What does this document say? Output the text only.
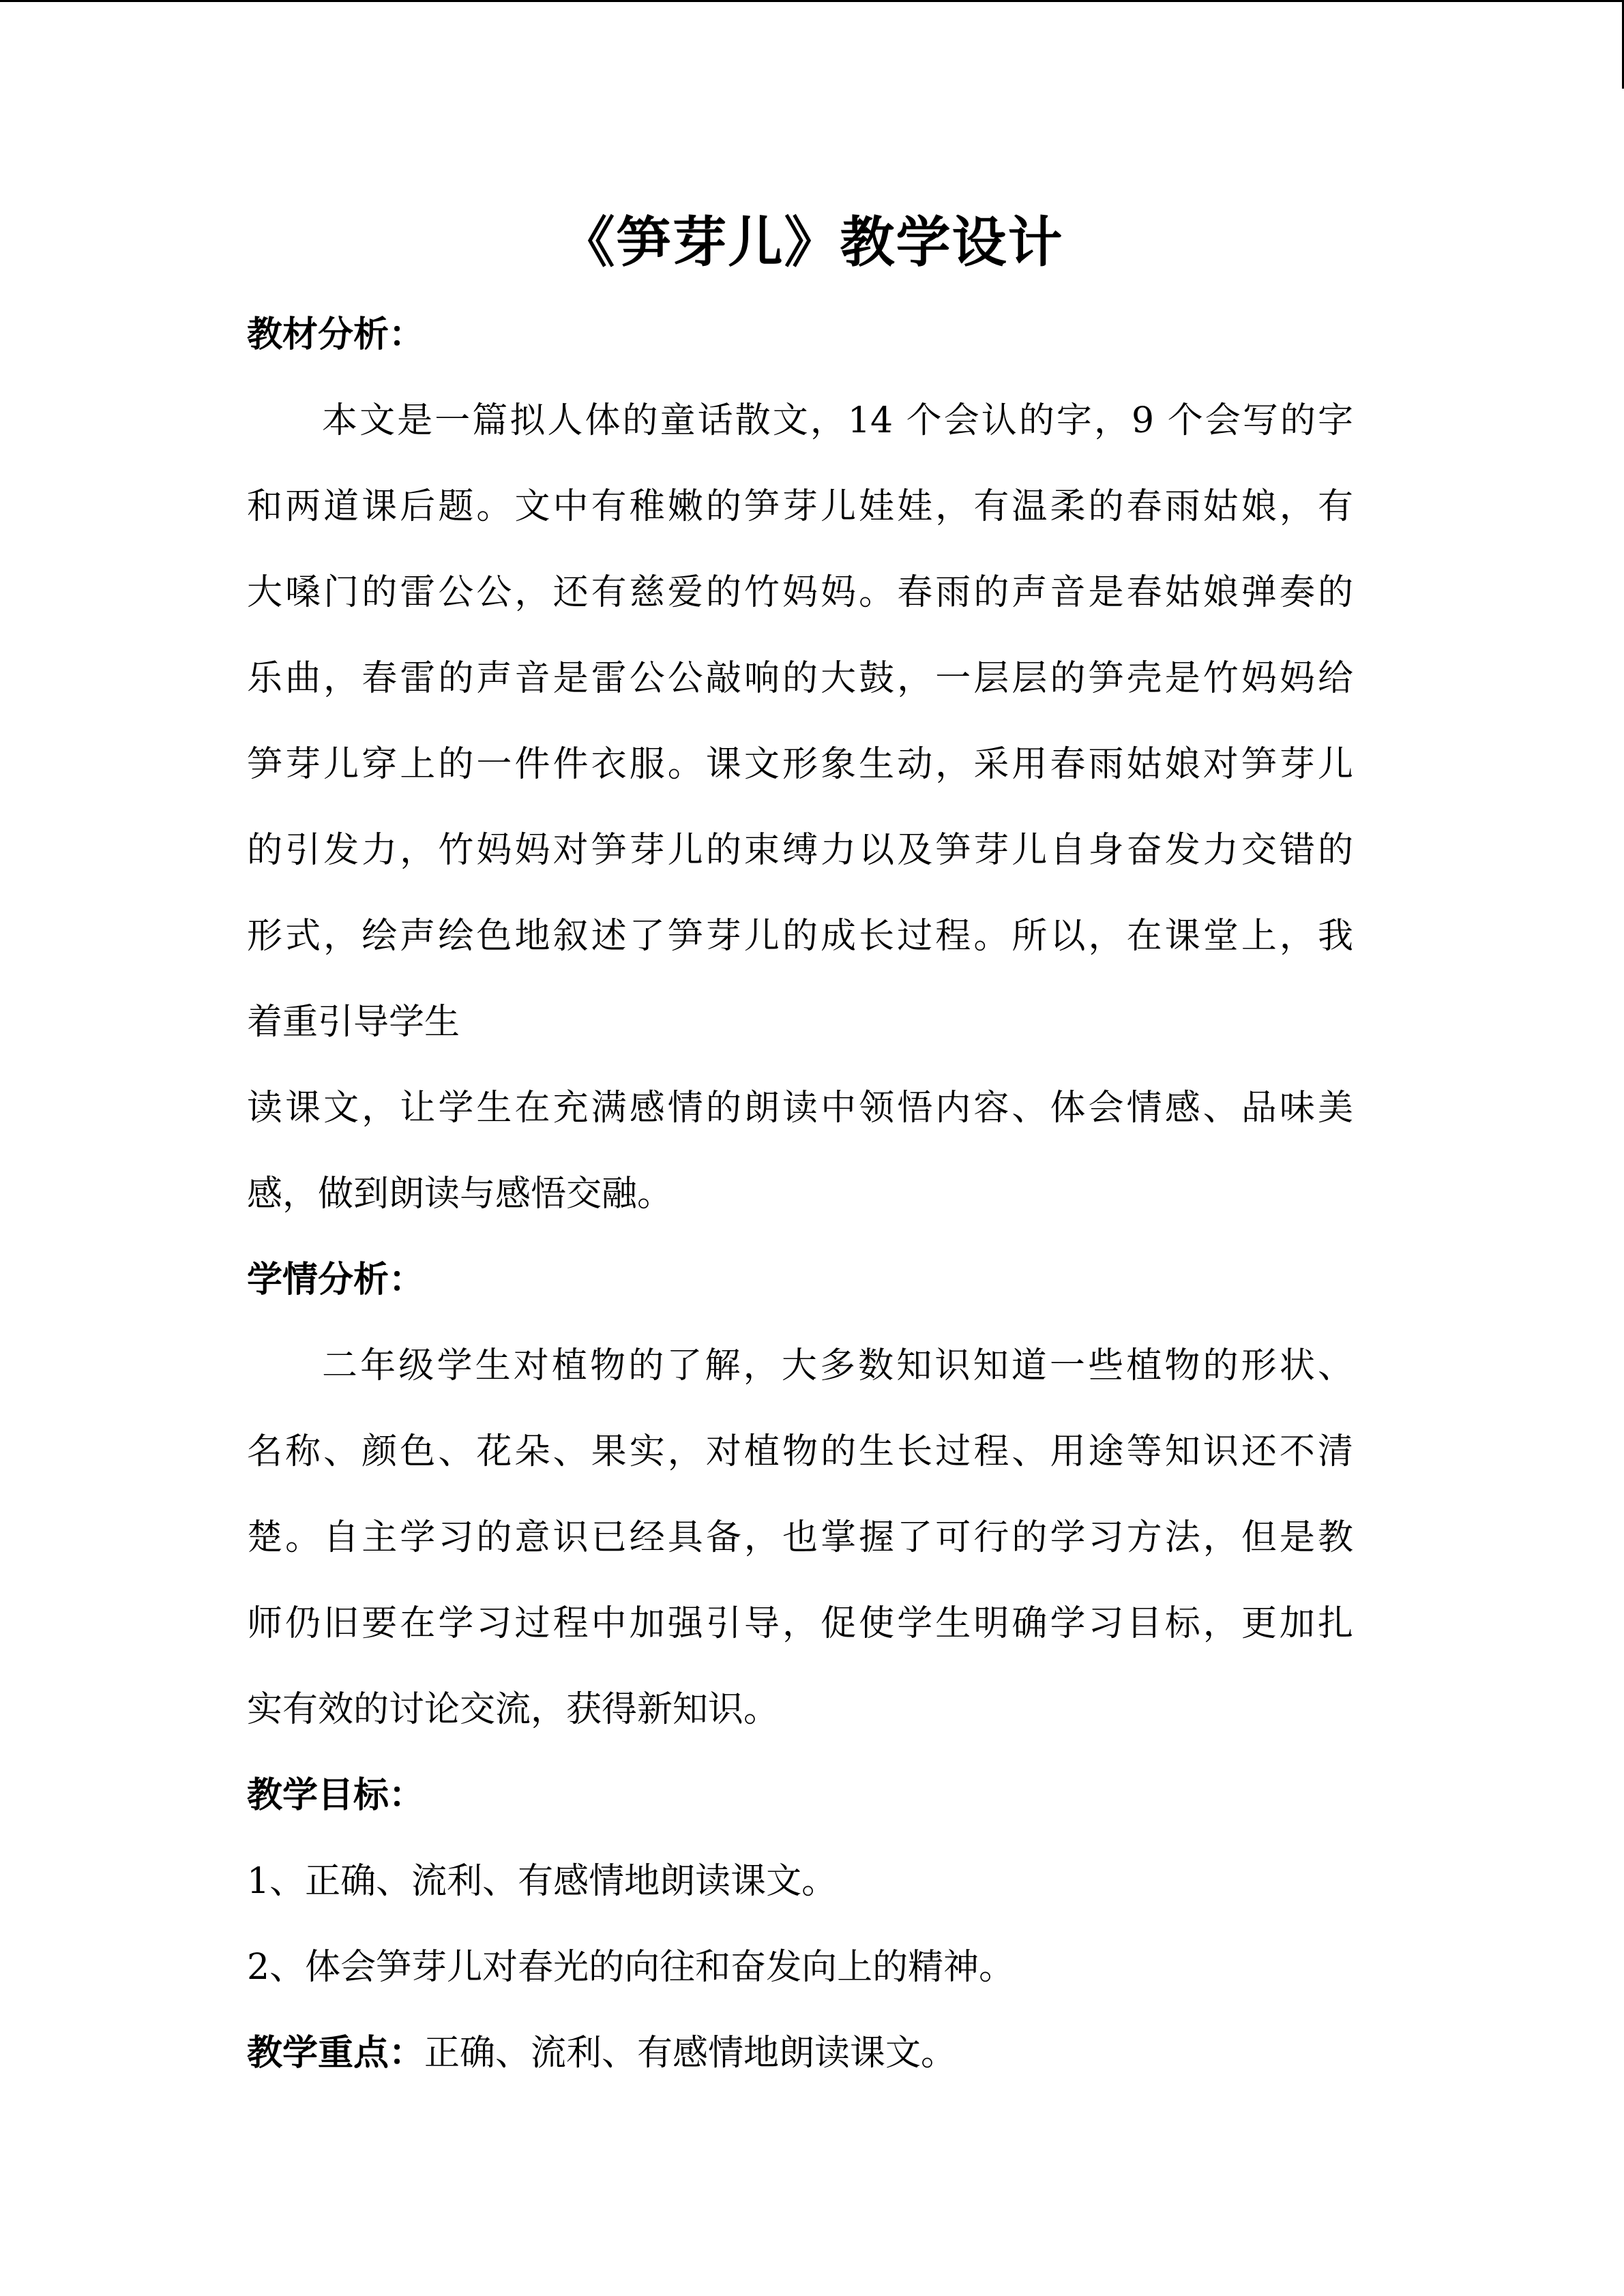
《笋芽儿》教学设计
教材分析：
本文是一篇拟人体的童话散文，14 个会认的字，9 个会写的字
和两道课后题。文中有稚嫩的笋芽儿娃娃，有温柔的春雨姑娘，有
大嗓门的雷公公，还有慈爱的竹妈妈。春雨的声音是春姑娘弹奏的
乐曲，春雷的声音是雷公公敲响的大鼓，一层层的笋壳是竹妈妈给
笋芽儿穿上的一件件衣服。课文形象生动，采用春雨姑娘对笋芽儿
的引发力，竹妈妈对笋芽儿的束缚力以及笋芽儿自身奋发力交错的
形式，绘声绘色地叙述了笋芽儿的成长过程。所以，在课堂上，我
着重引导学生
读课文，让学生在充满感情的朗读中领悟内容、体会情感、品味美
感，做到朗读与感悟交融。
学情分析：
二年级学生对植物的了解，大多数知识知道一些植物的形状、
名称、颜色、花朵、果实，对植物的生长过程、用途等知识还不清
楚。自主学习的意识已经具备，也掌握了可行的学习方法，但是教
师仍旧要在学习过程中加强引导，促使学生明确学习目标，更加扎
实有效的讨论交流，获得新知识。
教学目标：
1、正确、流利、有感情地朗读课文。
2、体会笋芽儿对春光的向往和奋发向上的精神。
教学重点：正确、流利、有感情地朗读课文。
